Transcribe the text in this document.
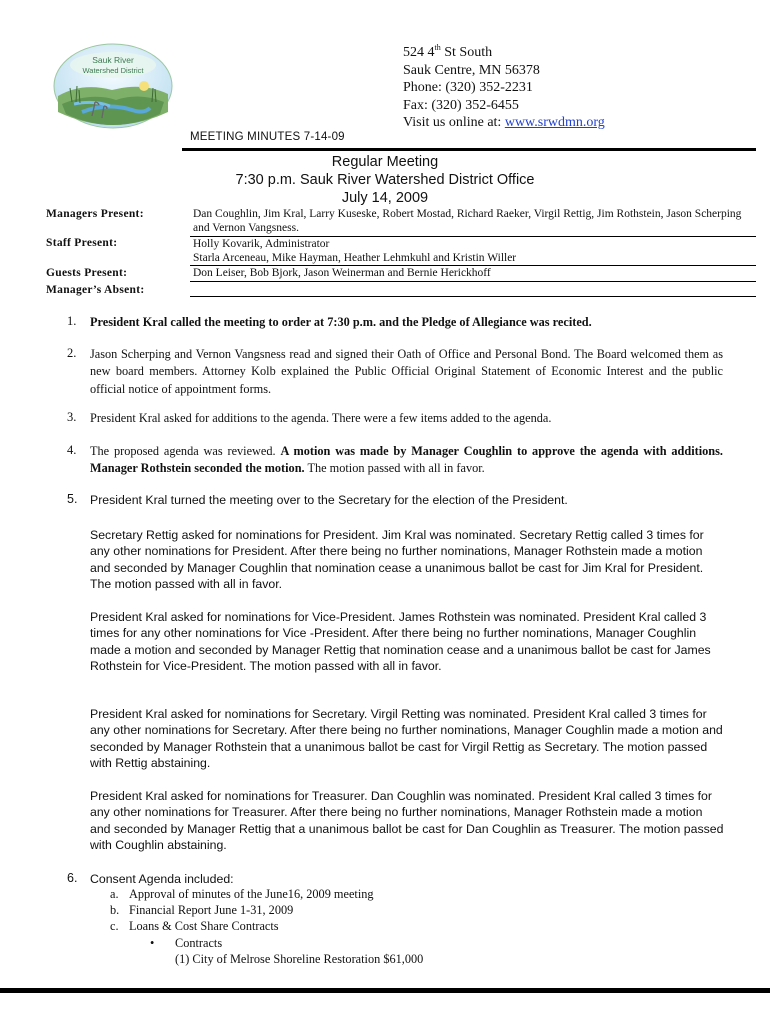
Sauk River
Watershed District
MEETING MINUTES 7-14-09
524 4th St South
Sauk Centre, MN 56378
Phone: (320) 352-2231
Fax: (320) 352-6455
Visit us online at: www.srwdmn.org
Regular Meeting
7:30 p.m. Sauk River Watershed District Office
July 14, 2009
Managers Present:	Dan Coughlin, Jim Kral, Larry Kuseske, Robert Mostad, Richard Raeker, Virgil Rettig, Jim Rothstein, Jason Scherping and Vernon Vangsness.
Staff Present:	Holly Kovarik, Administrator
Starla Arceneau, Mike Hayman, Heather Lehmkuhl and Kristin Willer
Guests Present:	Don Leiser, Bob Bjork, Jason Weinerman and Bernie Herickhoff
Manager’s Absent:
1. President Kral called the meeting to order at 7:30 p.m. and the Pledge of Allegiance was recited.
2. Jason Scherping and Vernon Vangsness read and signed their Oath of Office and Personal Bond. The Board welcomed them as new board members. Attorney Kolb explained the Public Official Original Statement of Economic Interest and the public official notice of appointment forms.
3. President Kral asked for additions to the agenda. There were a few items added to the agenda.
4. The proposed agenda was reviewed. A motion was made by Manager Coughlin to approve the agenda with additions. Manager Rothstein seconded the motion. The motion passed with all in favor.
5. President Kral turned the meeting over to the Secretary for the election of the President.
Secretary Rettig asked for nominations for President. Jim Kral was nominated. Secretary Rettig called 3 times for any other nominations for President. After there being no further nominations, Manager Rothstein made a motion and seconded by Manager Coughlin that nomination cease a unanimous ballot be cast for Jim Kral for President. The motion passed with all in favor.
President Kral asked for nominations for Vice-President. James Rothstein was nominated. President Kral called 3 times for any other nominations for Vice -President. After there being no further nominations, Manager Coughlin made a motion and seconded by Manager Rettig that nomination cease and a unanimous ballot be cast for James Rothstein for Vice‑President. The motion passed with all in favor.
President Kral asked for nominations for Secretary. Virgil Retting was nominated. President Kral called 3 times for any other nominations for Secretary. After there being no further nominations, Manager Coughlin made a motion and seconded by Manager Rothstein that a unanimous ballot be cast for Virgil Rettig as Secretary. The motion passed with Rettig abstaining.
President Kral asked for nominations for Treasurer. Dan Coughlin was nominated. President Kral called 3 times for any other nominations for Treasurer. After there being no further nominations, Manager Rothstein made a motion and seconded by Manager Rettig that a unanimous ballot be cast for Dan Coughlin as Treasurer. The motion passed with Coughlin abstaining.
6. Consent Agenda included:
a. Approval of minutes of the June16, 2009 meeting
b. Financial Report June 1-31, 2009
c. Loans & Cost Share Contracts
• Contracts
(1) City of Melrose Shoreline Restoration $61,000
